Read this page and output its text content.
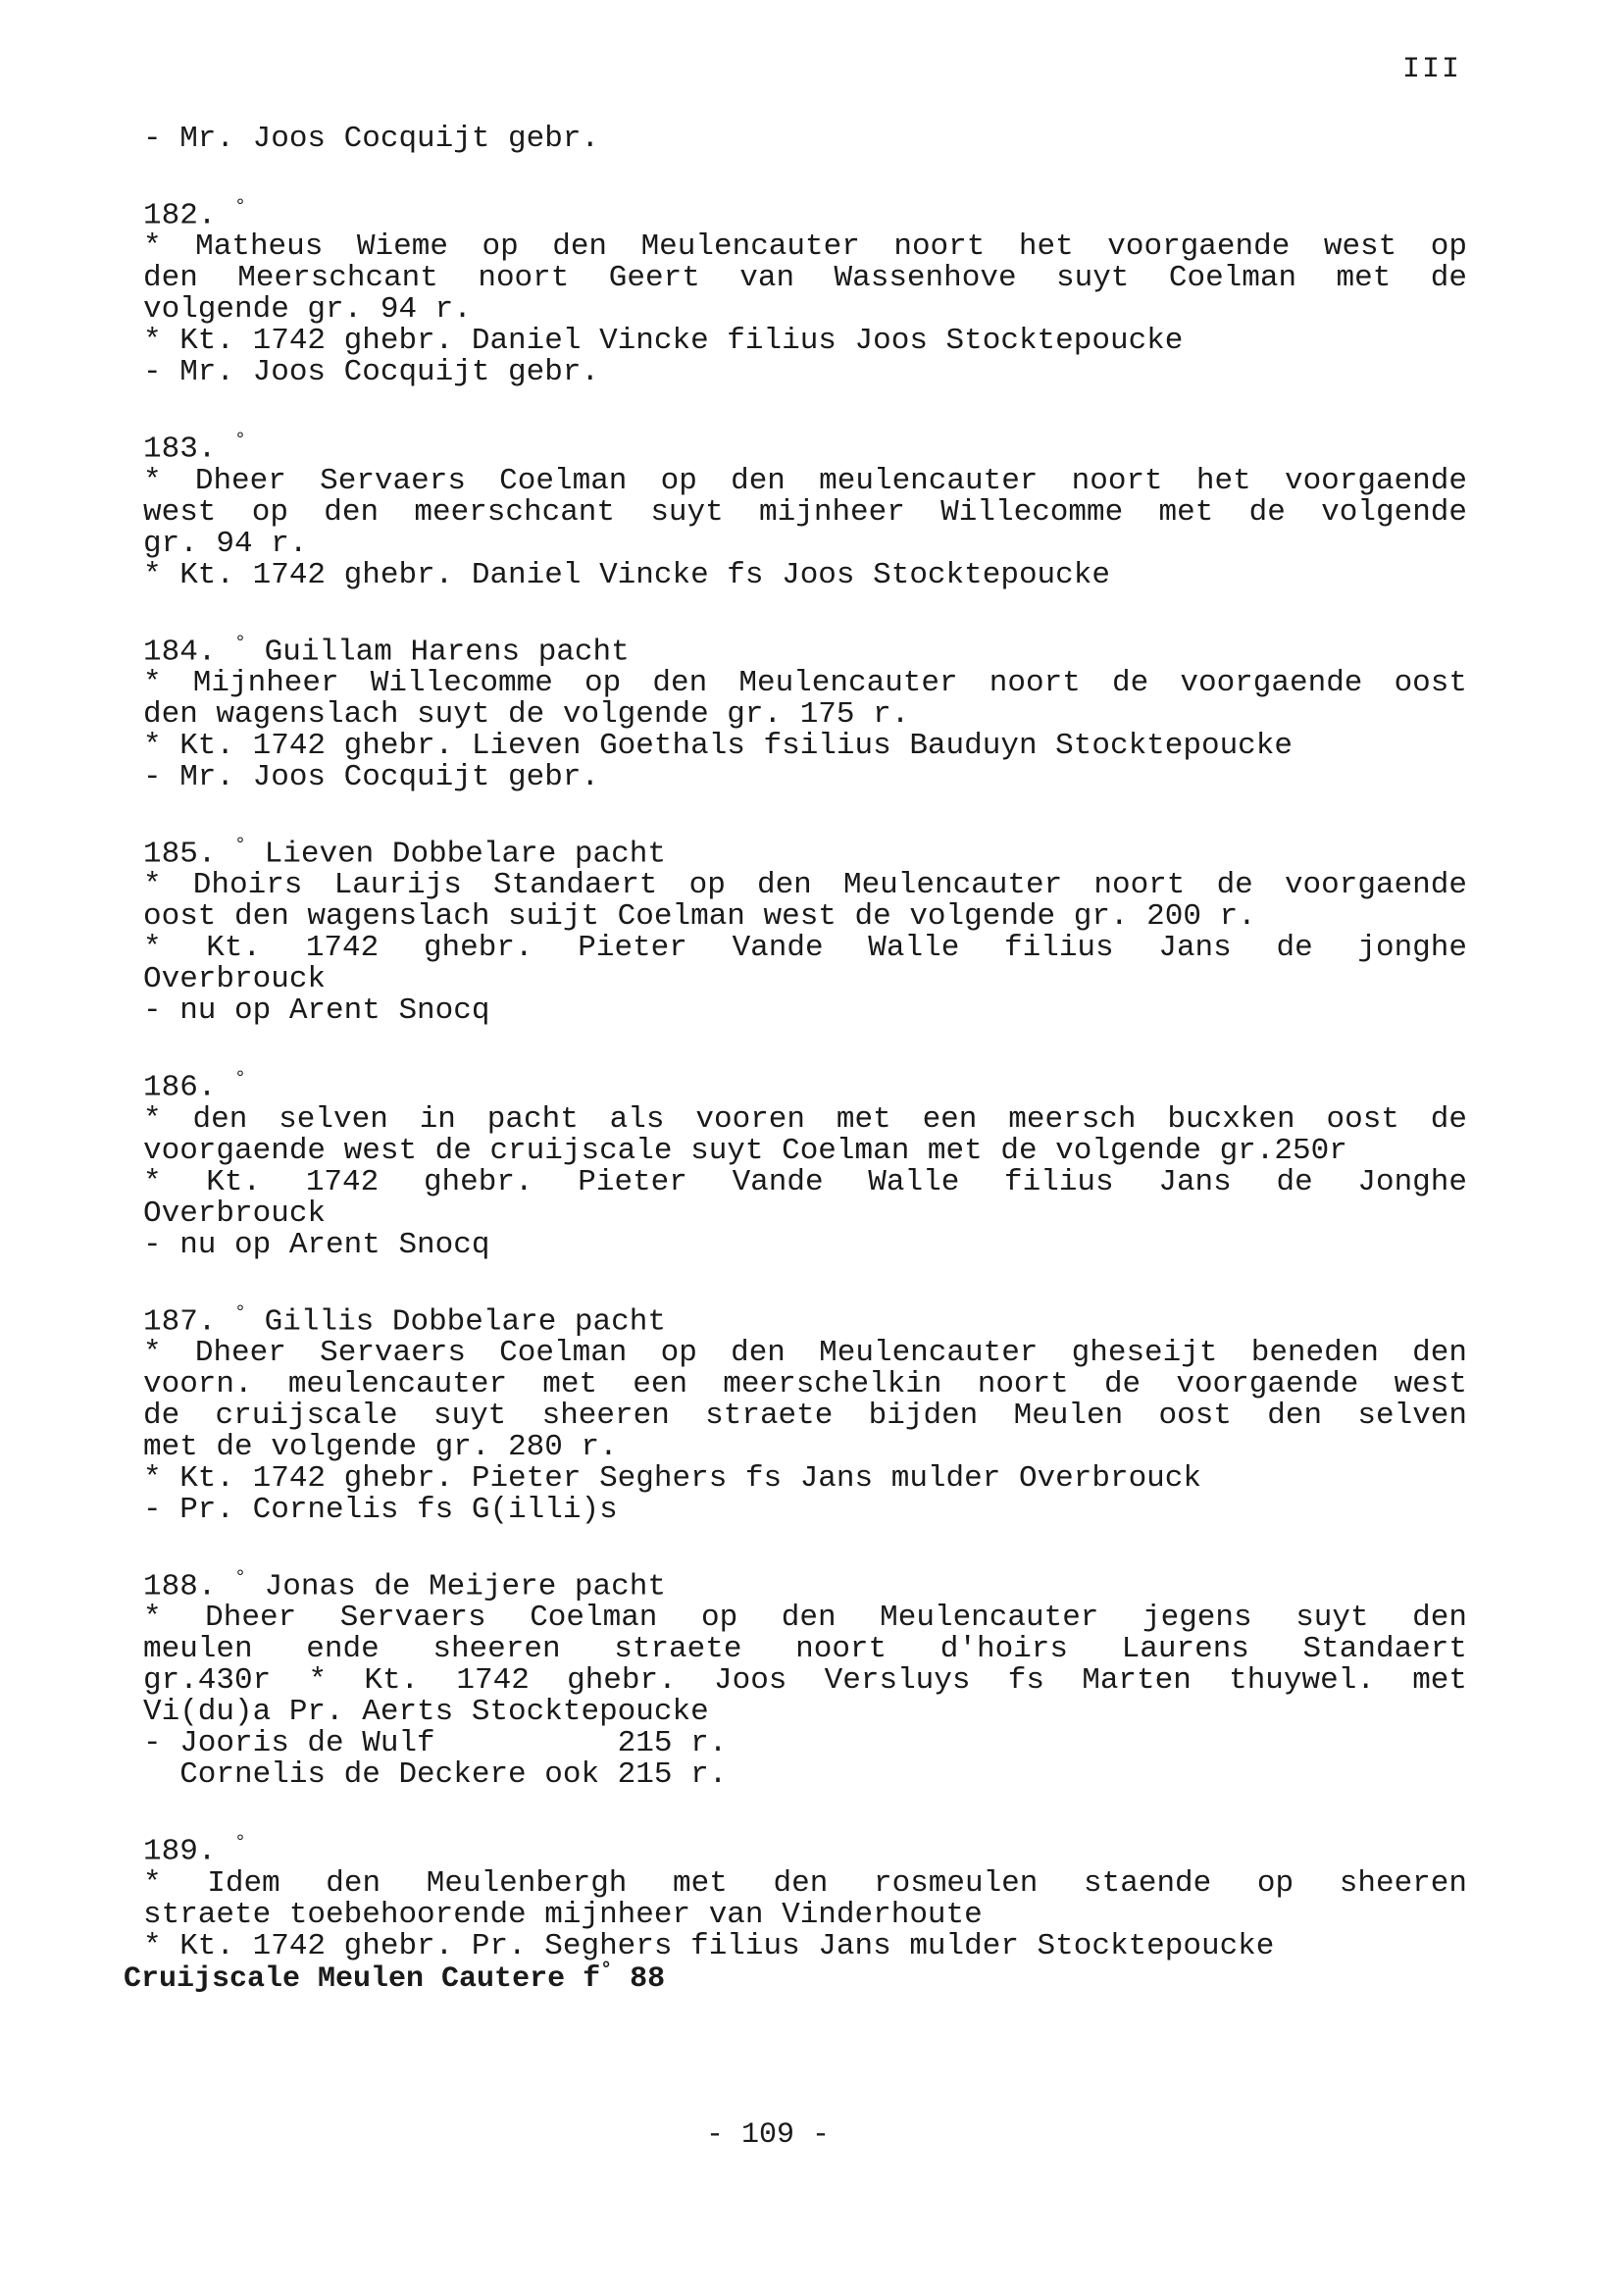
III
- Mr. Joos Cocquijt gebr.
182. °
* Matheus Wieme op den Meulencauter noort het voorgaende west op
den Meerschcant noort Geert van Wassenhove suyt Coelman met de
volgende gr. 94 r.
* Kt. 1742 ghebr. Daniel Vincke filius Joos Stocktepoucke
- Mr. Joos Cocquijt gebr.
183. °
* Dheer Servaers Coelman op den meulencauter noort het voorgaende
west op den meerschcant suyt mijnheer Willecomme met de volgende
gr. 94 r.
* Kt. 1742 ghebr. Daniel Vincke fs Joos Stocktepoucke
184. ° Guillam Harens pacht
* Mijnheer Willecomme op den Meulencauter noort de voorgaende oost
den wagenslach suyt de volgende gr. 175 r.
* Kt. 1742 ghebr. Lieven Goethals fsilius Bauduyn Stocktepoucke
- Mr. Joos Cocquijt gebr.
185. ° Lieven Dobbelare pacht
* Dhoirs Laurijs Standaert op den Meulencauter noort de voorgaende
oost den wagenslach suijt Coelman west de volgende gr. 200 r.
* Kt. 1742 ghebr. Pieter Vande Walle filius Jans de jonghe
Overbrouck
- nu op Arent Snocq
186. °
* den selven in pacht als vooren met een meersch bucxken oost de
voorgaende west de cruijscale suyt Coelman met de volgende gr.250r
* Kt. 1742 ghebr. Pieter Vande Walle filius Jans de Jonghe
Overbrouck
- nu op Arent Snocq
187. ° Gillis Dobbelare pacht
* Dheer Servaers Coelman op den Meulencauter gheseijt beneden den
voorn. meulencauter met een meerschelkin noort de voorgaende west
de cruijscale suyt sheeren straete bijden Meulen oost den selven
met de volgende gr. 280 r.
* Kt. 1742 ghebr. Pieter Seghers fs Jans mulder Overbrouck
- Pr. Cornelis fs G(illi)s
188. ° Jonas de Meijere pacht
* Dheer Servaers Coelman op den Meulencauter jegens suyt den
meulen ende sheeren straete noort d'hoirs Laurens Standaert
gr.430r * Kt. 1742 ghebr. Joos Versluys fs Marten thuywel. met
Vi(du)a Pr. Aerts Stocktepoucke
- Jooris de Wulf          215 r.
Cornelis de Deckere ook 215 r.
189. °
* Idem den Meulenbergh met den rosmeulen staende op sheeren
straete toebehoorende mijnheer van Vinderhoute
* Kt. 1742 ghebr. Pr. Seghers filius Jans mulder Stocktepoucke
Cruijscale Meulen Cautere f° 88
- 109 -
